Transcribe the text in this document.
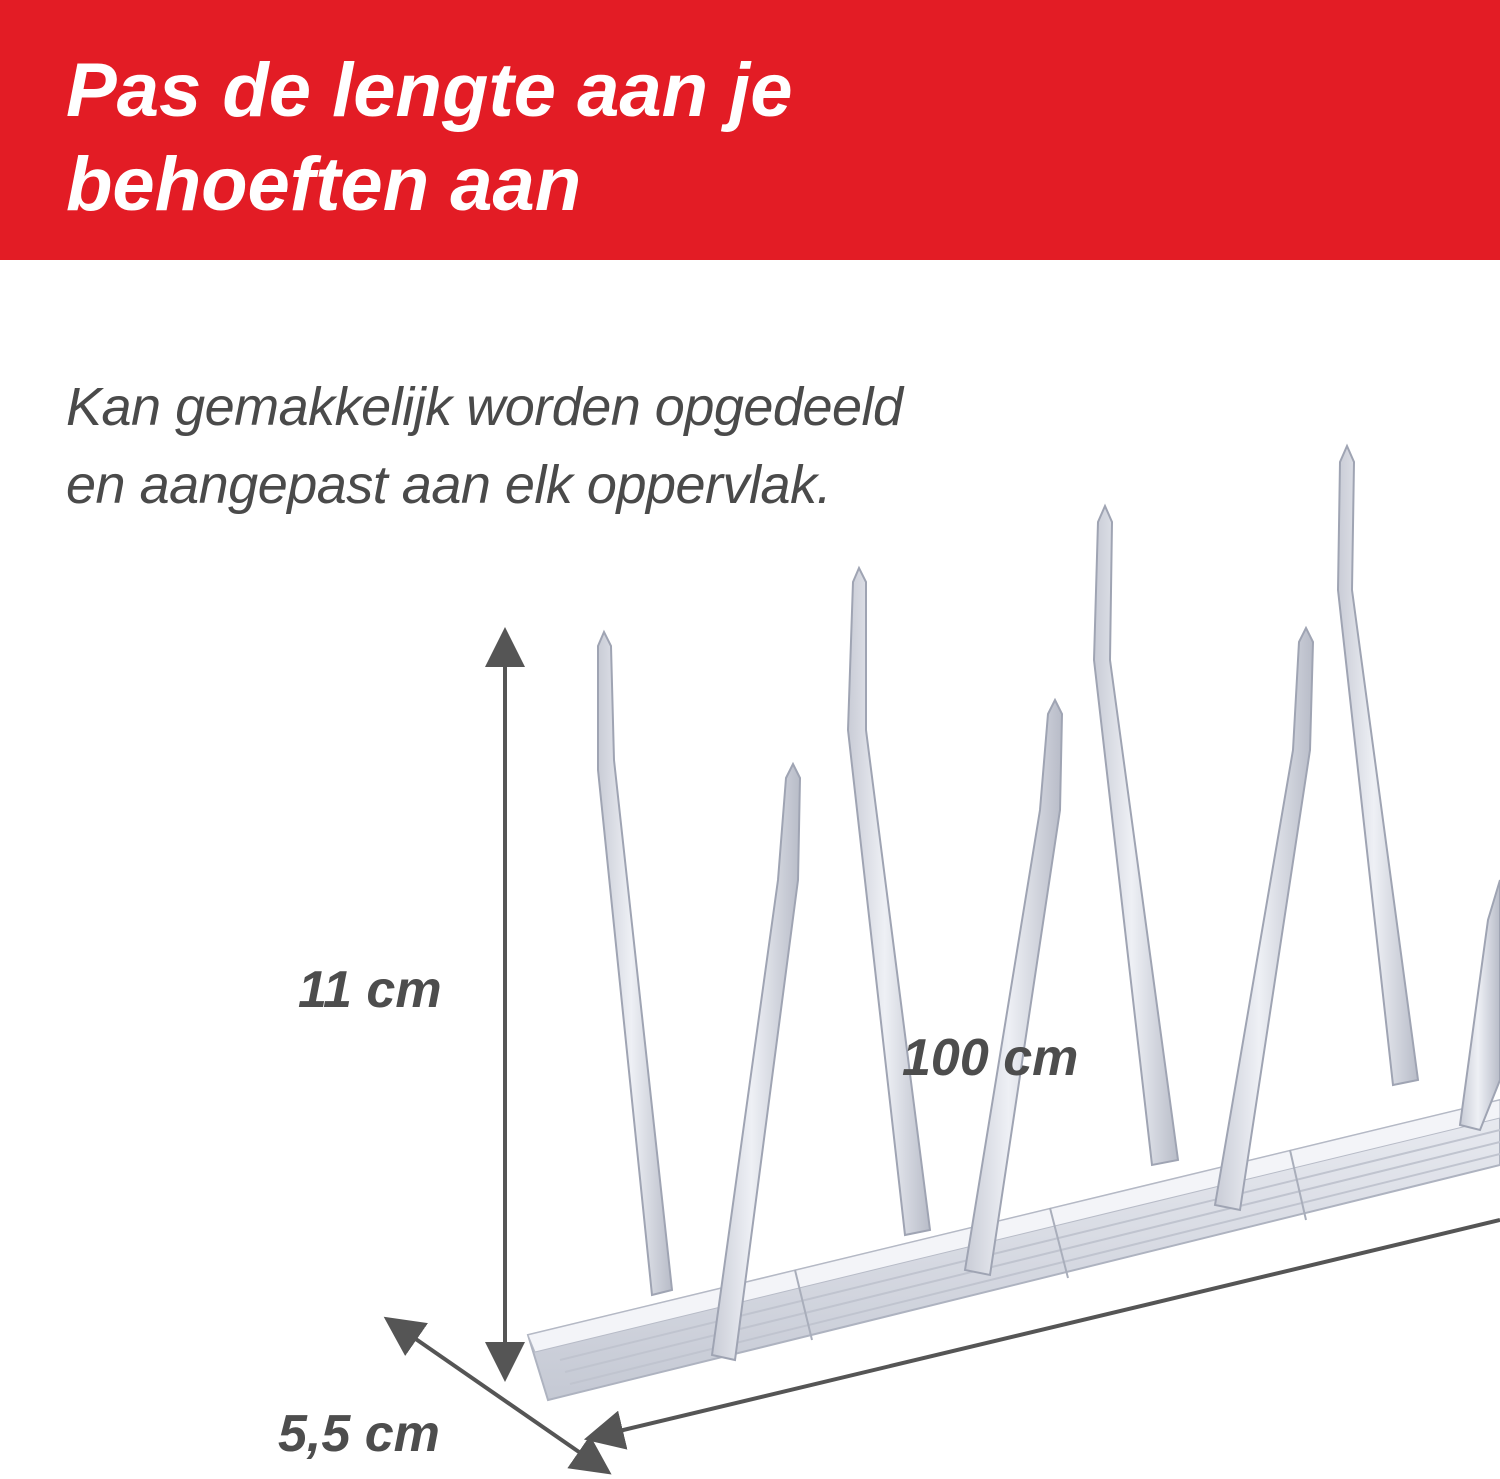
Pas de lengte aan je
behoeften aan

Kan gemakkelijk worden opgedeeld
en aangepast aan elk oppervlak.

11 cm
100 cm
5,5 cm
